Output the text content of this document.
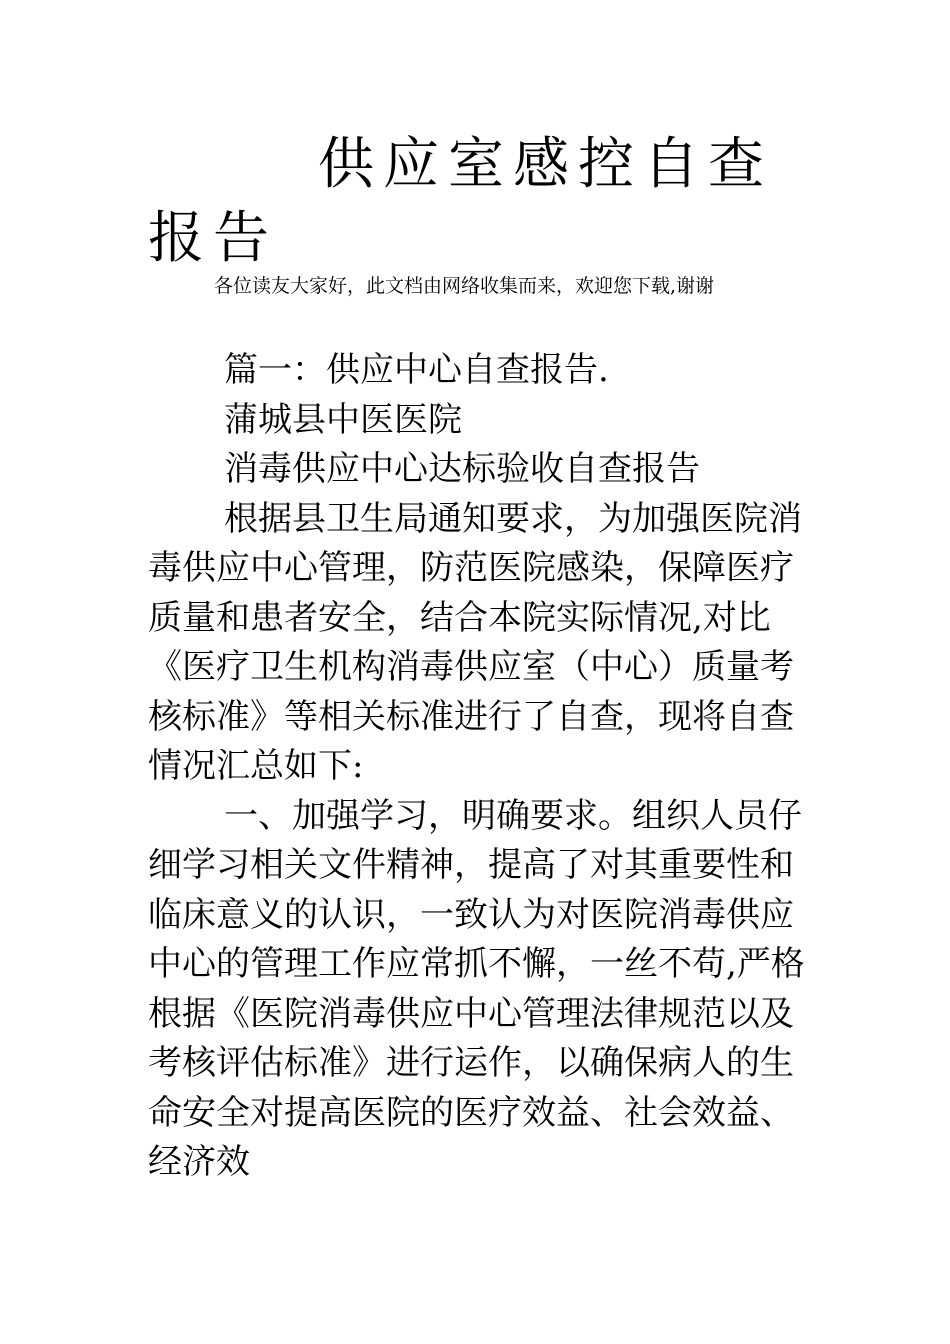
供应室感控自查报告

各位读友大家好，此文档由网络收集而来，欢迎您下载,谢谢

篇一：供应中心自查报告.

蒲城县中医医院

消毒供应中心达标验收自查报告

根据县卫生局通知要求，为加强医院消毒供应中心管理，防范医院感染，保障医疗质量和患者安全，结合本院实际情况,对比《医疗卫生机构消毒供应室（中心）质量考核标准》等相关标准进行了自查，现将自查情况汇总如下:

一、加强学习，明确要求。组织人员仔细学习相关文件精神，提高了对其重要性和临床意义的认识，一致认为对医院消毒供应中心的管理工作应常抓不懈，一丝不苟,严格根据《医院消毒供应中心管理法律规范以及考核评估标准》进行运作，以确保病人的生命安全对提高医院的医疗效益、社会效益、经济效
